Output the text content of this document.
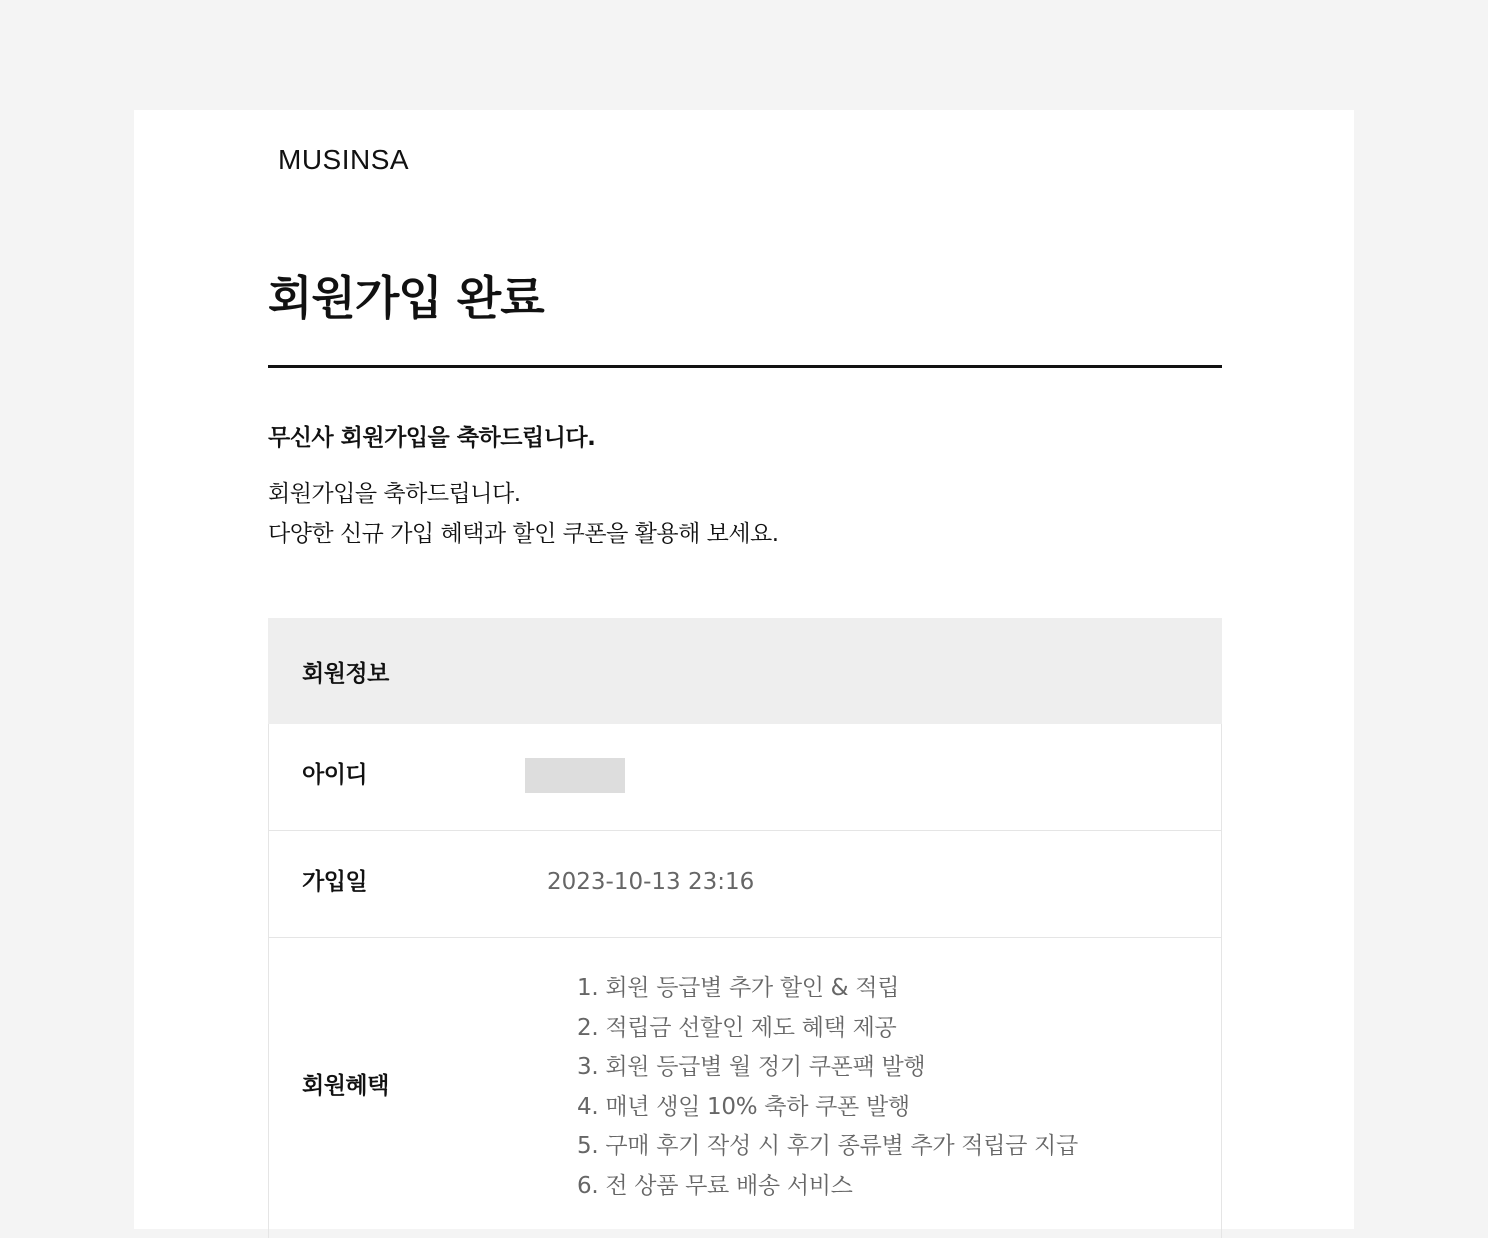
MUSINSA
회원가입 완료
무신사 회원가입을 축하드립니다.
회원가입을 축하드립니다.
다양한 신규 가입 혜택과 할인 쿠폰을 활용해 보세요.
회원정보
아이디
가입일	2023-10-13 23:16
회원혜택
1. 회원 등급별 추가 할인 & 적립
2. 적립금 선할인 제도 혜택 제공
3. 회원 등급별 월 정기 쿠폰팩 발행
4. 매년 생일 10% 축하 쿠폰 발행
5. 구매 후기 작성 시 후기 종류별 추가 적립금 지급
6. 전 상품 무료 배송 서비스
